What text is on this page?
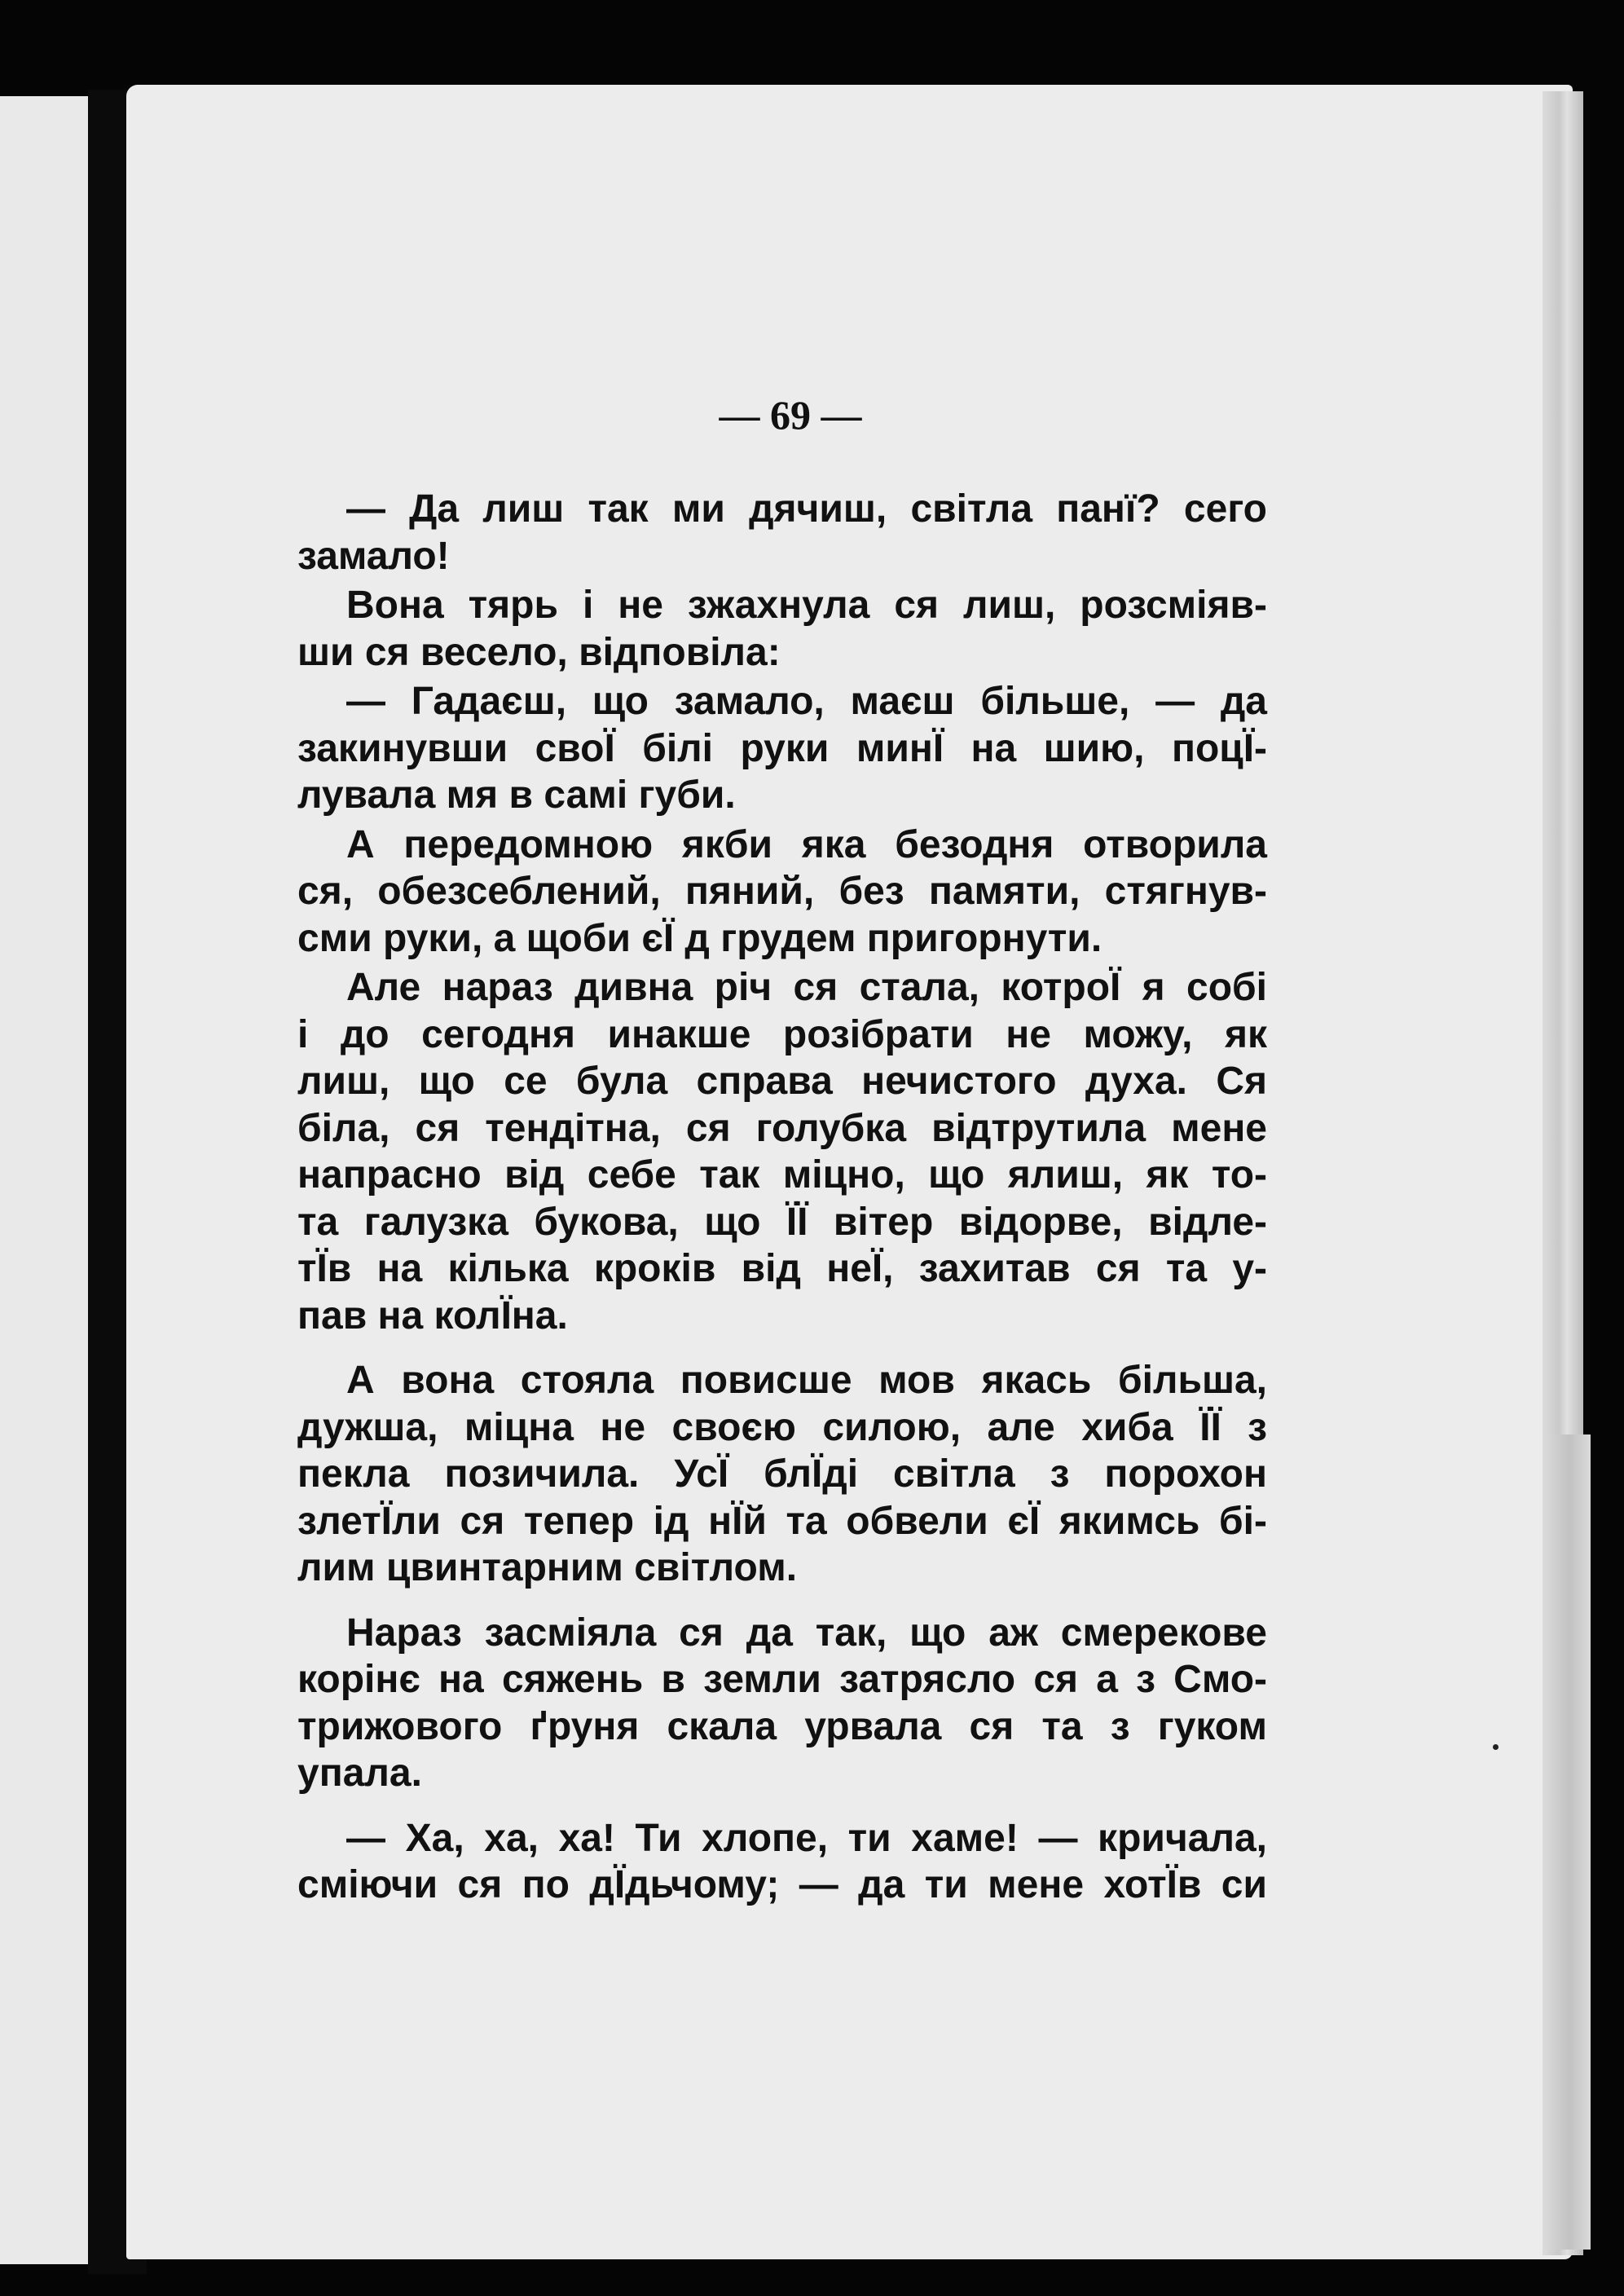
— 69 —

— Да лиш так ми дячиш, світла панї? сего
замало!

Вона тярь і не зжахнула ся лиш, розсміяв-
ши ся весело, відповіла:

— Гадаєш, що замало, маєш більше, — да
закинувши своЇ білі руки минЇ на шию, поцЇ-
лувала мя в самі губи.

А передомною якби яка безодня отворила
ся, обезсеблений, пяний, без памяти, стягнув-
сми руки, а щоби єЇ д грудем пригорнути.

Але нараз дивна річ ся стала, котроЇ я собі
і до сегодня инакше розібрати не можу, як
лиш, що се була справа нечистого духа. Ся
біла, ся тендітна, ся голубка відтрутила мене
напрасно від себе так міцно, що ялиш, як то-
та галузка букова, що ЇЇ вітер відорве, відле-
тЇв на кілька кроків від неЇ, захитав ся та у-
пав на колЇна.

А вона стояла повисше мов якась більша,
дужша, міцна не своєю силою, але хиба ЇЇ з
пекла позичила. УсЇ блЇді світла з порохон
злетЇли ся тепер ід нЇй та обвели єЇ якимсь бі-
лим цвинтарним світлом.

Нараз засміяла ся да так, що аж смерекове
корінє на сяжень в земли затрясло ся а з Смо-
трижового ґруня скала урвала ся та з гуком
упала.

— Ха, ха, ха! Ти хлопе, ти хаме! — кричала,
сміючи ся по дЇдьчому; — да ти мене хотЇв си
